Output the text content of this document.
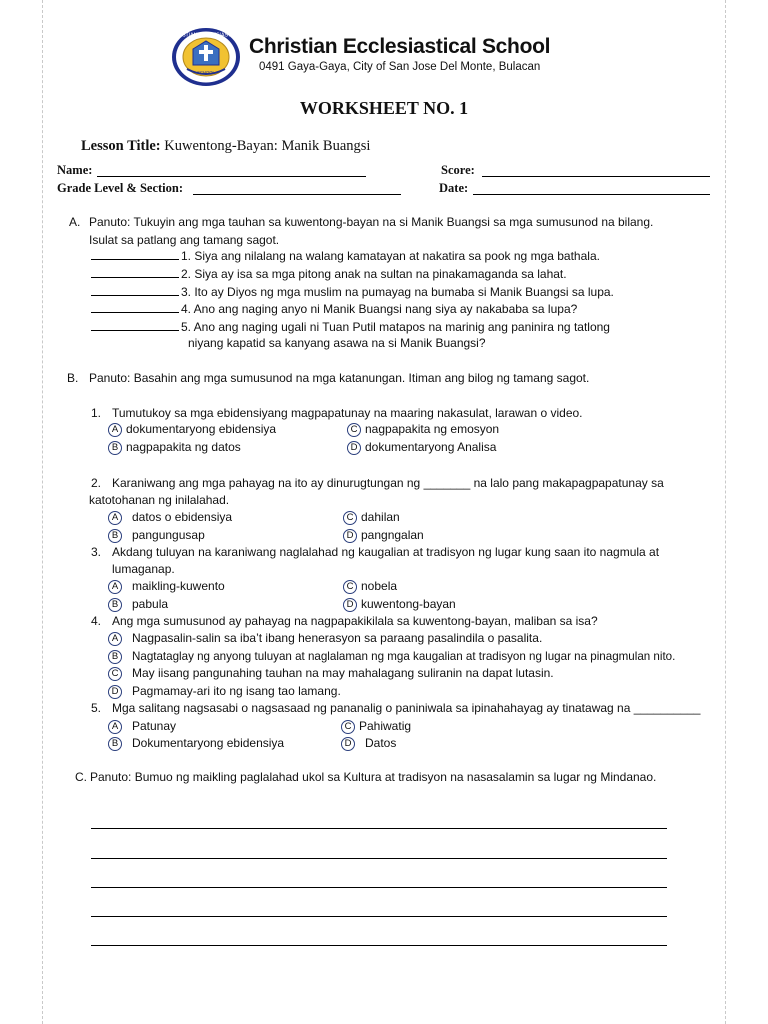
CHRISTIAN ECCLESIASTICAL
1986
SCHOOL
Christian Ecclesiastical School
0491 Gaya-Gaya, City of San Jose Del Monte, Bulacan
WORKSHEET NO. 1
Lesson Title: Kuwentong-Bayan: Manik Buangsi
Name:	Score:
Grade Level & Section:	Date:
A. Panuto: Tukuyin ang mga tauhan sa kuwentong-bayan na si Manik Buangsi sa mga sumusunod na bilang.
Isulat sa patlang ang tamang sagot.
1. Siya ang nilalang na walang kamatayan at nakatira sa pook ng mga bathala.
2. Siya ay isa sa mga pitong anak na sultan na pinakamaganda sa lahat.
3. Ito ay Diyos ng mga muslim na pumayag na bumaba si Manik Buangsi sa lupa.
4. Ano ang naging anyo ni Manik Buangsi nang siya ay nakababa sa lupa?
5. Ano ang naging ugali ni Tuan Putil matapos na marinig ang paninira ng tatlong
niyang kapatid sa kanyang asawa na si Manik Buangsi?
B. Panuto: Basahin ang mga sumusunod na mga katanungan. Itiman ang bilog ng tamang sagot.
1. Tumutukoy sa mga ebidensiyang magpapatunay na maaring nakasulat, larawan o video.
A dokumentaryong ebidensiya
B nagpapakita ng datos
C nagpapakita ng emosyon
D dokumentaryong Analisa
2. Karaniwang ang mga pahayag na ito ay dinurugtungan ng _______ na lalo pang makapagpapatunay sa
katotohanan ng inilalahad.
A datos o ebidensiya
B pangungusap
C dahilan
D pangngalan
3. Akdang tuluyan na karaniwang naglalahad ng kaugalian at tradisyon ng lugar kung saan ito nagmula at
lumaganap.
A maikling-kuwento
B pabula
C nobela
D kuwentong-bayan
4. Ang mga sumusunod ay pahayag na nagpapakikilala sa kuwentong-bayan, maliban sa isa?
A Nagpasalin-salin sa iba’t ibang henerasyon sa paraang pasalindila o pasalita.
B Nagtataglay ng anyong tuluyan at naglalaman ng mga kaugalian at tradisyon ng lugar na pinagmulan nito.
C May iisang pangunahing tauhan na may mahalagang suliranin na dapat lutasin.
D Pagmamay-ari ito ng isang tao lamang.
5. Mga salitang nagsasabi o nagsasaad ng pananalig o paniniwala sa ipinahahayag ay tinatawag na __________
A Patunay
B Dokumentaryong ebidensiya
C Pahiwatig
D Datos
C. Panuto: Bumuo ng maikling paglalahad ukol sa Kultura at tradisyon na nasasalamin sa lugar ng Mindanao.
